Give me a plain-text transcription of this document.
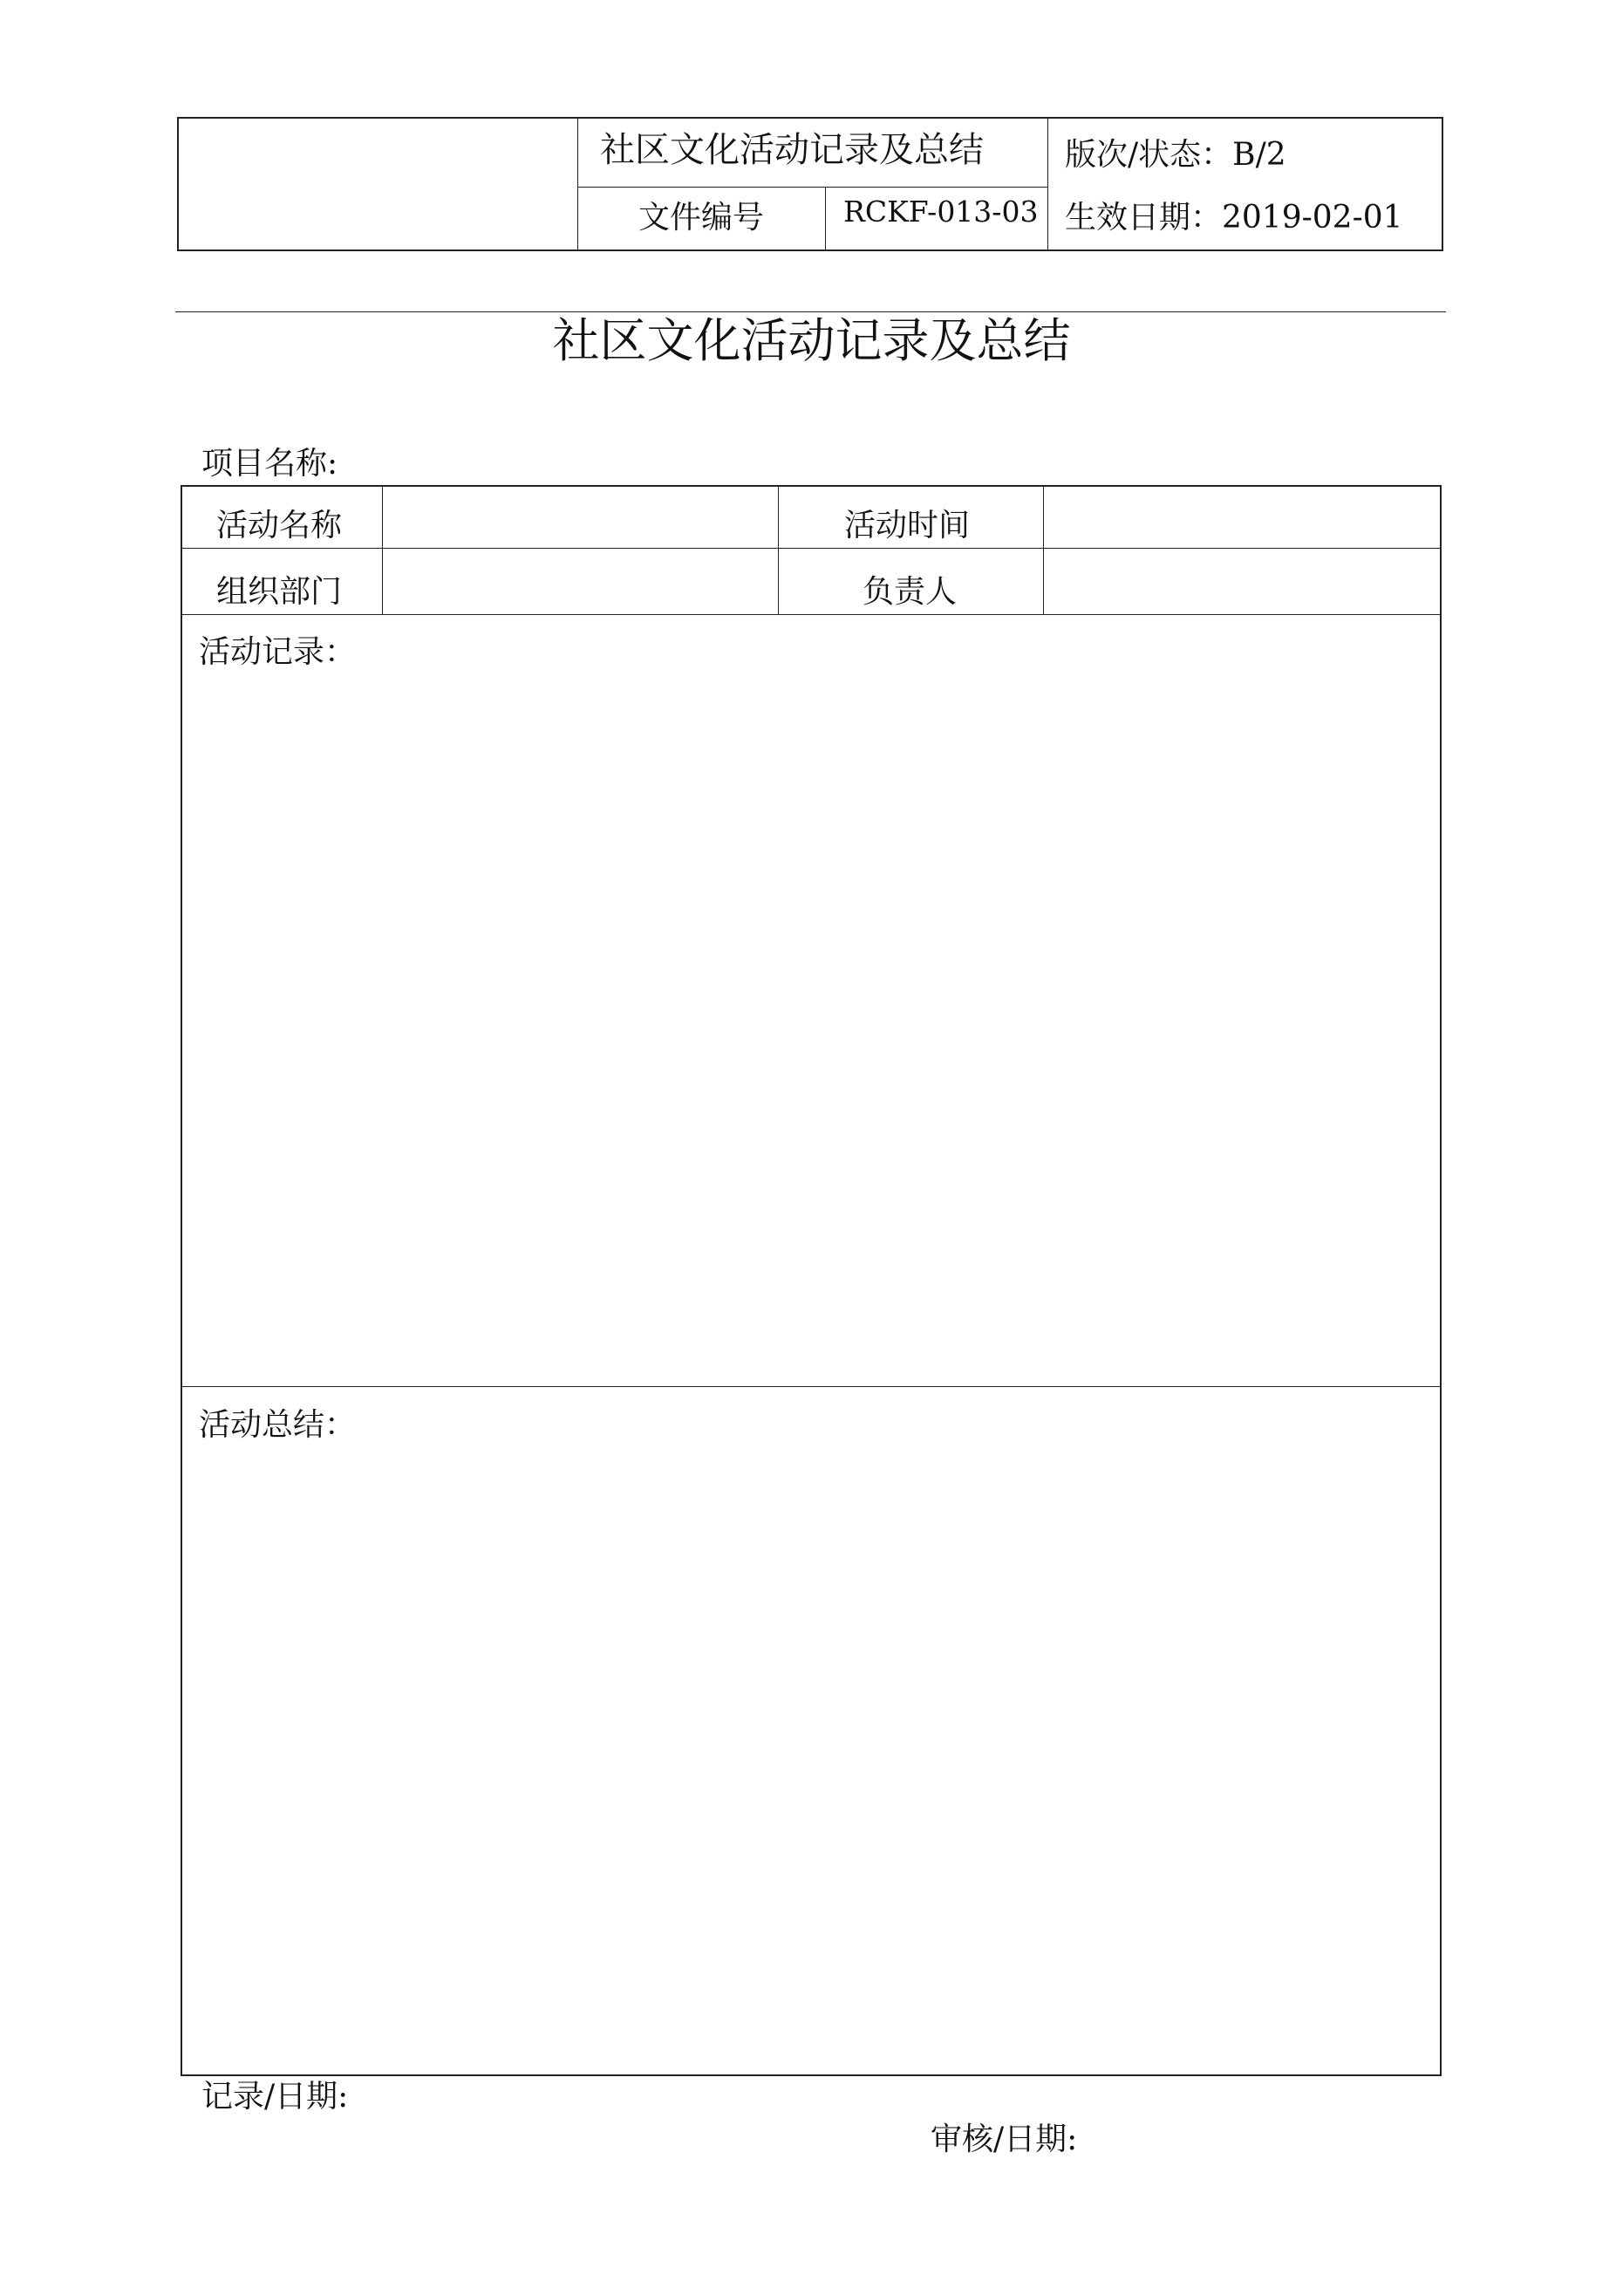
社区文化活动记录及总结	版次/状态：B/2
文件编号	RCKF-013-03 生效日期：2019-02-01
社区文化活动记录及总结
项目名称:
活动名称	活动时间
组织部门	负责人
活动记录：
活动总结：
记录/日期:
审核/日期:
